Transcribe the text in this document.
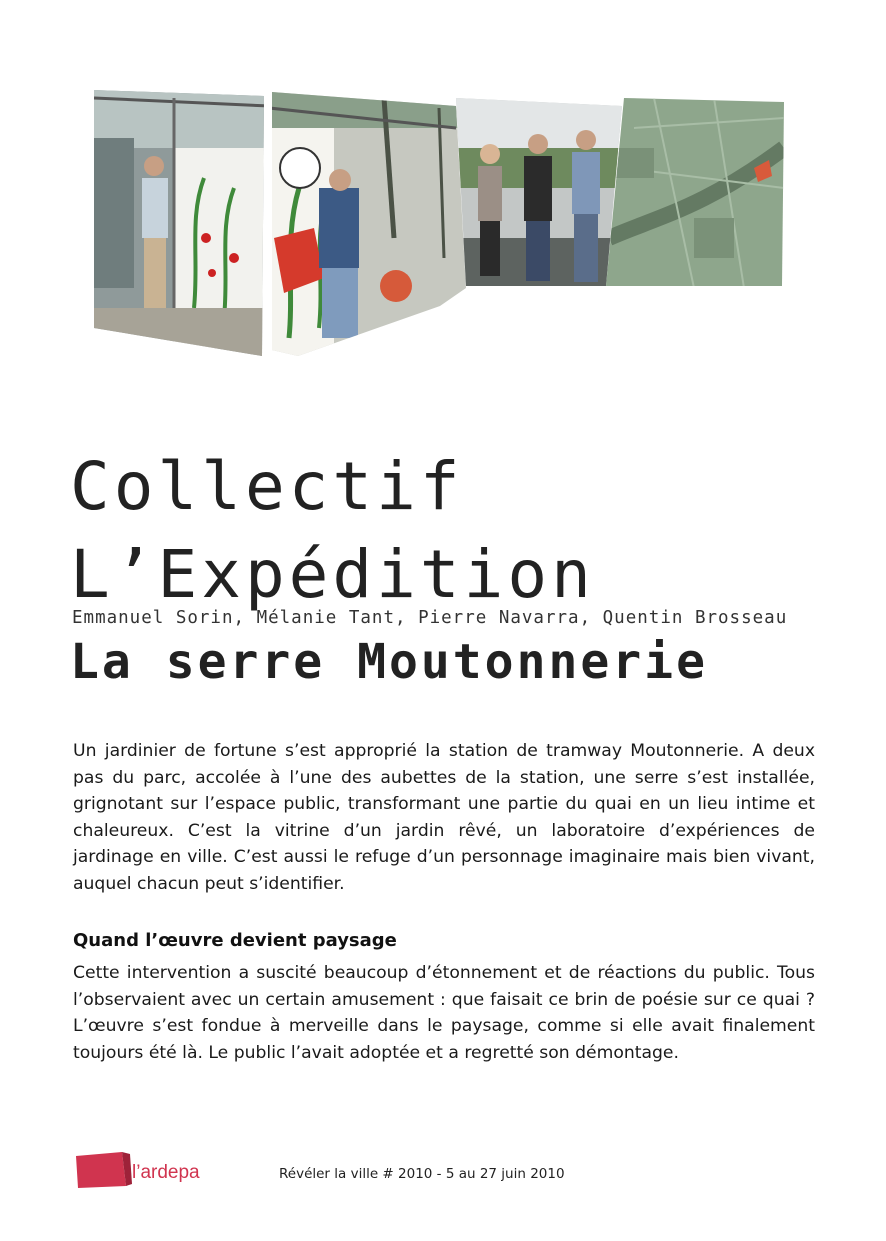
Collectif
L’Expédition

Emmanuel Sorin, Mélanie Tant, Pierre Navarra, Quentin Brosseau

La serre Moutonnerie

Un jardinier de fortune s’est approprié la station de tramway Moutonnerie. A deux pas du parc, accolée à l’une des aubettes de la station, une serre s’est installée, grignotant sur l’espace public, transformant une partie du quai en un lieu intime et chaleureux. C’est la vitrine d’un jardin rêvé, un laboratoire d’expériences de jardinage en ville. C’est aussi le refuge d’un personnage imaginaire mais bien vivant, auquel chacun peut s’identifier.

Quand l’œuvre devient paysage

Cette intervention a suscité beaucoup d’étonnement et de réactions du public. Tous l’observaient avec un certain amusement : que faisait ce brin de poésie sur ce quai ? L’œuvre s’est fondue à merveille dans le paysage, comme si elle avait finalement toujours été là. Le public l’avait adoptée et a regretté son démontage.

l’ardepa	Révéler la ville # 2010 - 5 au 27 juin 2010
